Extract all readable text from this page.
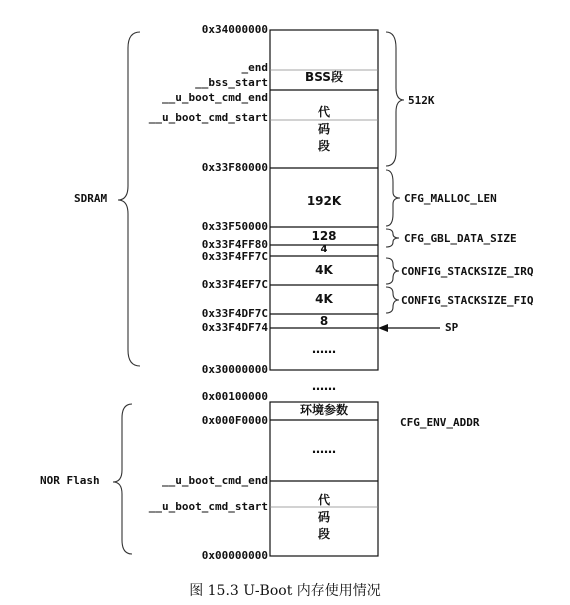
0x34000000
0x33F80000
0x33F50000
0x33F4FF80
0x33F4FF7C
0x33F4EF7C
0x33F4DF7C
0x33F4DF74
0x30000000
_end
__bss_start
__u_boot_cmd_end
__u_boot_cmd_start
SDRAM
BSS段
代码段
192K
128
4
4K
4K
8
……
512K
CFG_MALLOC_LEN
CFG_GBL_DATA_SIZE
CONFIG_STACKSIZE_IRQ
CONFIG_STACKSIZE_FIQ
SP
……
0x00100000
0x000F0000
0x00000000
__u_boot_cmd_end
__u_boot_cmd_start
NOR Flash
环境参数
……
代码段
CFG_ENV_ADDR
图 15.3 U-Boot 内存使用情况
